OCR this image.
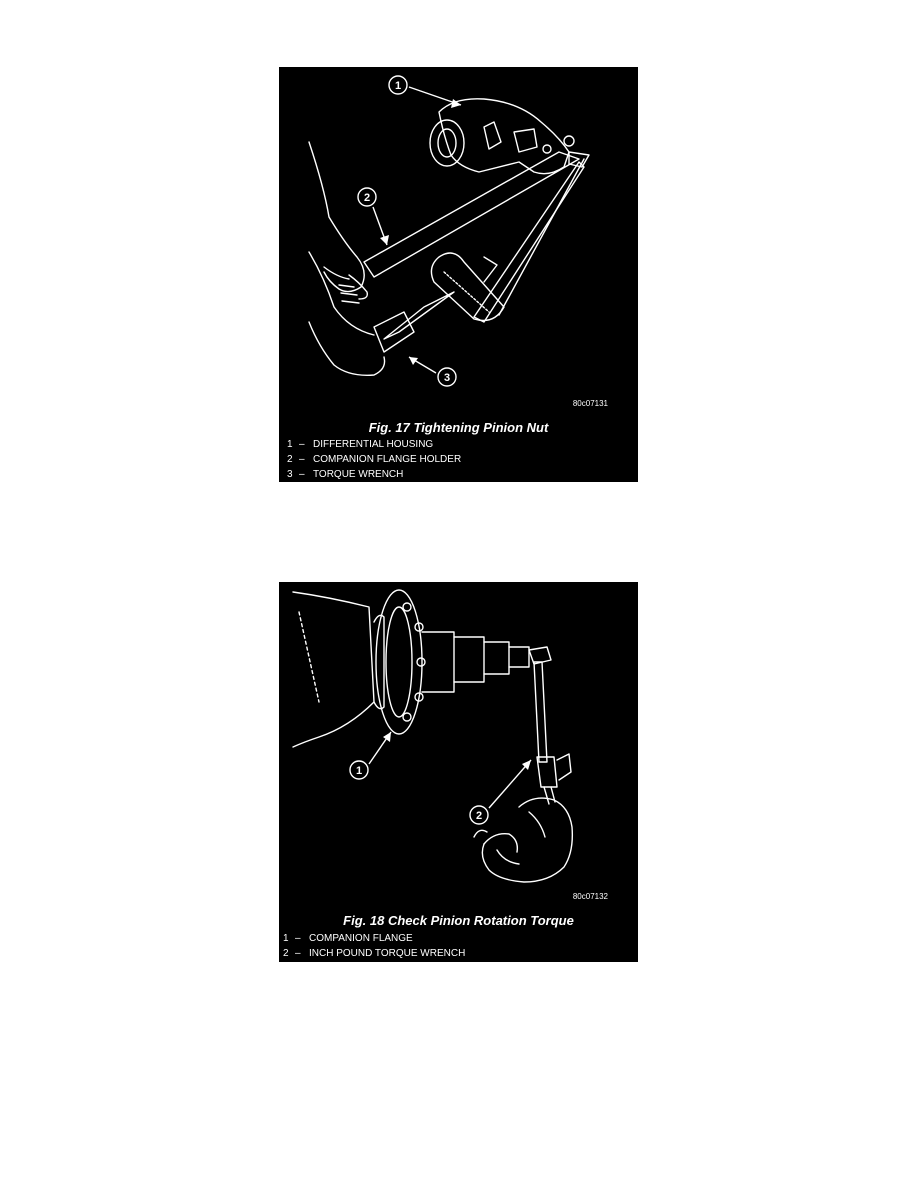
1
2
3
80c07131
Fig. 17 Tightening Pinion Nut
1 – DIFFERENTIAL HOUSING
2 – COMPANION FLANGE HOLDER
3 – TORQUE WRENCH
1
2
80c07132
Fig. 18 Check Pinion Rotation Torque
1 – COMPANION FLANGE
2 – INCH POUND TORQUE WRENCH
